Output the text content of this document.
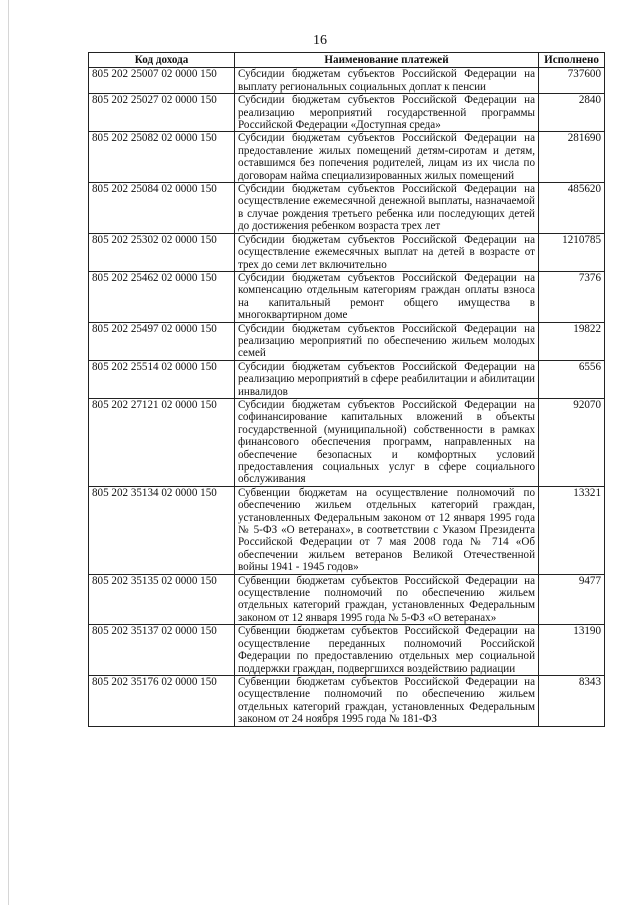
16
Код дохода	Наименование платежей	Исполнено
805 202 25007 02 0000 150	Субсидии бюджетам субъектов Российской Федерации на выплату региональных социальных доплат к пенсии	737600
805 202 25027 02 0000 150	Субсидии бюджетам субъектов Российской Федерации на реализацию мероприятий государственной программы Российской Федерации «Доступная среда»	2840
805 202 25082 02 0000 150	Субсидии бюджетам субъектов Российской Федерации на предоставление жилых помещений детям-сиротам и детям, оставшимся без попечения родителей, лицам из их числа по договорам найма специализированных жилых помещений	281690
805 202 25084 02 0000 150	Субсидии бюджетам субъектов Российской Федерации на осуществление ежемесячной денежной выплаты, назначаемой в случае рождения третьего ребенка или последующих детей до достижения ребенком возраста трех лет	485620
805 202 25302 02 0000 150	Субсидии бюджетам субъектов Российской Федерации на осуществление ежемесячных выплат на детей в возрасте от трех до семи лет включительно	1210785
805 202 25462 02 0000 150	Субсидии бюджетам субъектов Российской Федерации на компенсацию отдельным категориям граждан оплаты взноса на капитальный ремонт общего имущества в многоквартирном доме	7376
805 202 25497 02 0000 150	Субсидии бюджетам субъектов Российской Федерации на реализацию мероприятий по обеспечению жильем молодых семей	19822
805 202 25514 02 0000 150	Субсидии бюджетам субъектов Российской Федерации на реализацию мероприятий в сфере реабилитации и абилитации инвалидов	6556
805 202 27121 02 0000 150	Субсидии бюджетам субъектов Российской Федерации на софинансирование капитальных вложений в объекты государственной (муниципальной) собственности в рамках финансового обеспечения программ, направленных на обеспечение безопасных и комфортных условий предоставления социальных услуг в сфере социального обслуживания	92070
805 202 35134 02 0000 150	Субвенции бюджетам на осуществление полномочий по обеспечению жильем отдельных категорий граждан, установленных Федеральным законом от 12 января 1995 года № 5-ФЗ «О ветеранах», в соответствии с Указом Президента Российской Федерации от 7 мая 2008 года № 714 «Об обеспечении жильем ветеранов Великой Отечественной войны 1941 - 1945 годов»	13321
805 202 35135 02 0000 150	Субвенции бюджетам субъектов Российской Федерации на осуществление полномочий по обеспечению жильем отдельных категорий граждан, установленных Федеральным законом от 12 января 1995 года № 5-ФЗ «О ветеранах»	9477
805 202 35137 02 0000 150	Субвенции бюджетам субъектов Российской Федерации на осуществление переданных полномочий Российской Федерации по предоставлению отдельных мер социальной поддержки граждан, подвергшихся воздействию радиации	13190
805 202 35176 02 0000 150	Субвенции бюджетам субъектов Российской Федерации на осуществление полномочий по обеспечению жильем отдельных категорий граждан, установленных Федеральным законом от 24 ноября 1995 года № 181-ФЗ	8343
